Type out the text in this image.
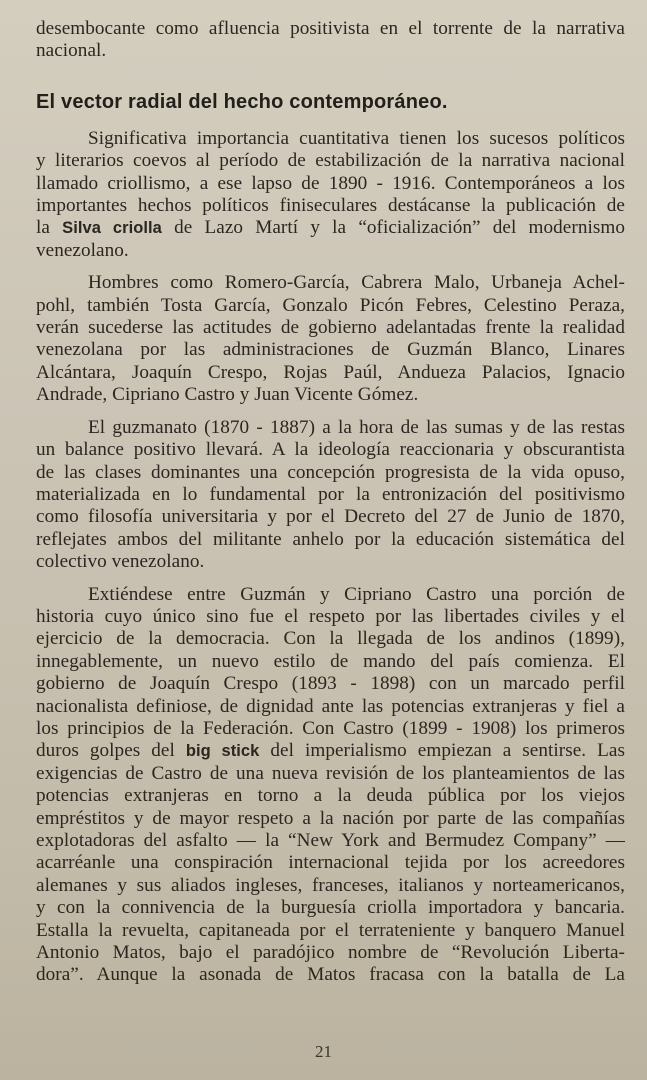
desembocante como afluencia positivista en el torrente de la narrativa
nacional.
El vector radial del hecho contemporáneo.
Significativa importancia cuantitativa tienen los sucesos políticos
y literarios coevos al período de estabilización de la narrativa nacional
llamado criollismo, a ese lapso de 1890 - 1916. Contemporáneos a los
importantes hechos políticos finiseculares destácanse la publicación de
la Silva criolla de Lazo Martí y la “oficialización” del modernismo
venezolano.
Hombres como Romero-García, Cabrera Malo, Urbaneja Achel-
pohl, también Tosta García, Gonzalo Picón Febres, Celestino Peraza,
verán sucederse las actitudes de gobierno adelantadas frente la realidad
venezolana por las administraciones de Guzmán Blanco, Linares
Alcántara, Joaquín Crespo, Rojas Paúl, Andueza Palacios, Ignacio
Andrade, Cipriano Castro y Juan Vicente Gómez.
El guzmanato (1870 - 1887) a la hora de las sumas y de las restas
un balance positivo llevará. A la ideología reaccionaria y obscurantista
de las clases dominantes una concepción progresista de la vida opuso,
materializada en lo fundamental por la entronización del positivismo
como filosofía universitaria y por el Decreto del 27 de Junio de 1870,
reflejates ambos del militante anhelo por la educación sistemática del
colectivo venezolano.
Extiéndese entre Guzmán y Cipriano Castro una porción de
historia cuyo único sino fue el respeto por las libertades civiles y el
ejercicio de la democracia. Con la llegada de los andinos (1899),
innegablemente, un nuevo estilo de mando del país comienza. El
gobierno de Joaquín Crespo (1893 - 1898) con un marcado perfil
nacionalista definiose, de dignidad ante las potencias extranjeras y fiel a
los principios de la Federación. Con Castro (1899 - 1908) los primeros
duros golpes del big stick del imperialismo empiezan a sentirse. Las
exigencias de Castro de una nueva revisión de los planteamientos de las
potencias extranjeras en torno a la deuda pública por los viejos
empréstitos y de mayor respeto a la nación por parte de las compañías
explotadoras del asfalto — la “New York and Bermudez Company” —
acarréanle una conspiración internacional tejida por los acreedores
alemanes y sus aliados ingleses, franceses, italianos y norteamericanos,
y con la connivencia de la burguesía criolla importadora y bancaria.
Estalla la revuelta, capitaneada por el terrateniente y banquero Manuel
Antonio Matos, bajo el paradójico nombre de “Revolución Liberta-
dora”. Aunque la asonada de Matos fracasa con la batalla de La
21
